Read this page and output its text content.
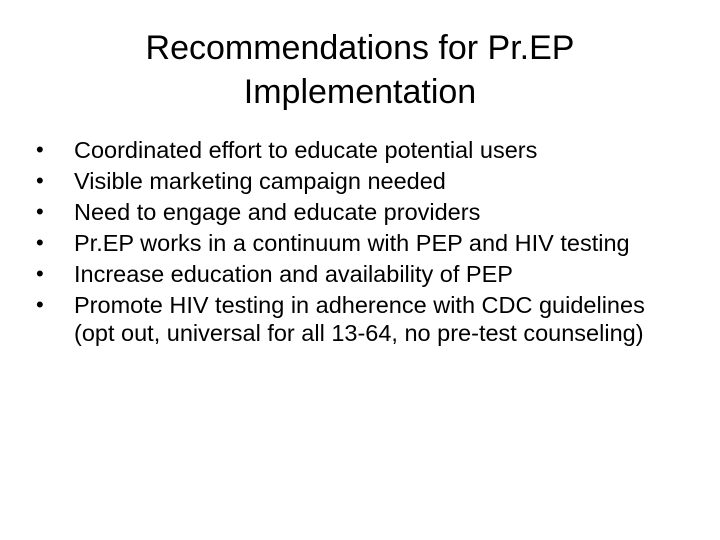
Recommendations for Pr.EP
Implementation
•	Coordinated effort to educate potential users
•	Visible marketing campaign needed
•	Need to engage and educate providers
•	Pr.EP works in a continuum with PEP and HIV testing
•	Increase education and availability of PEP
•	Promote HIV testing in adherence with CDC guidelines (opt out, universal for all 13-64, no pre-test counseling)
